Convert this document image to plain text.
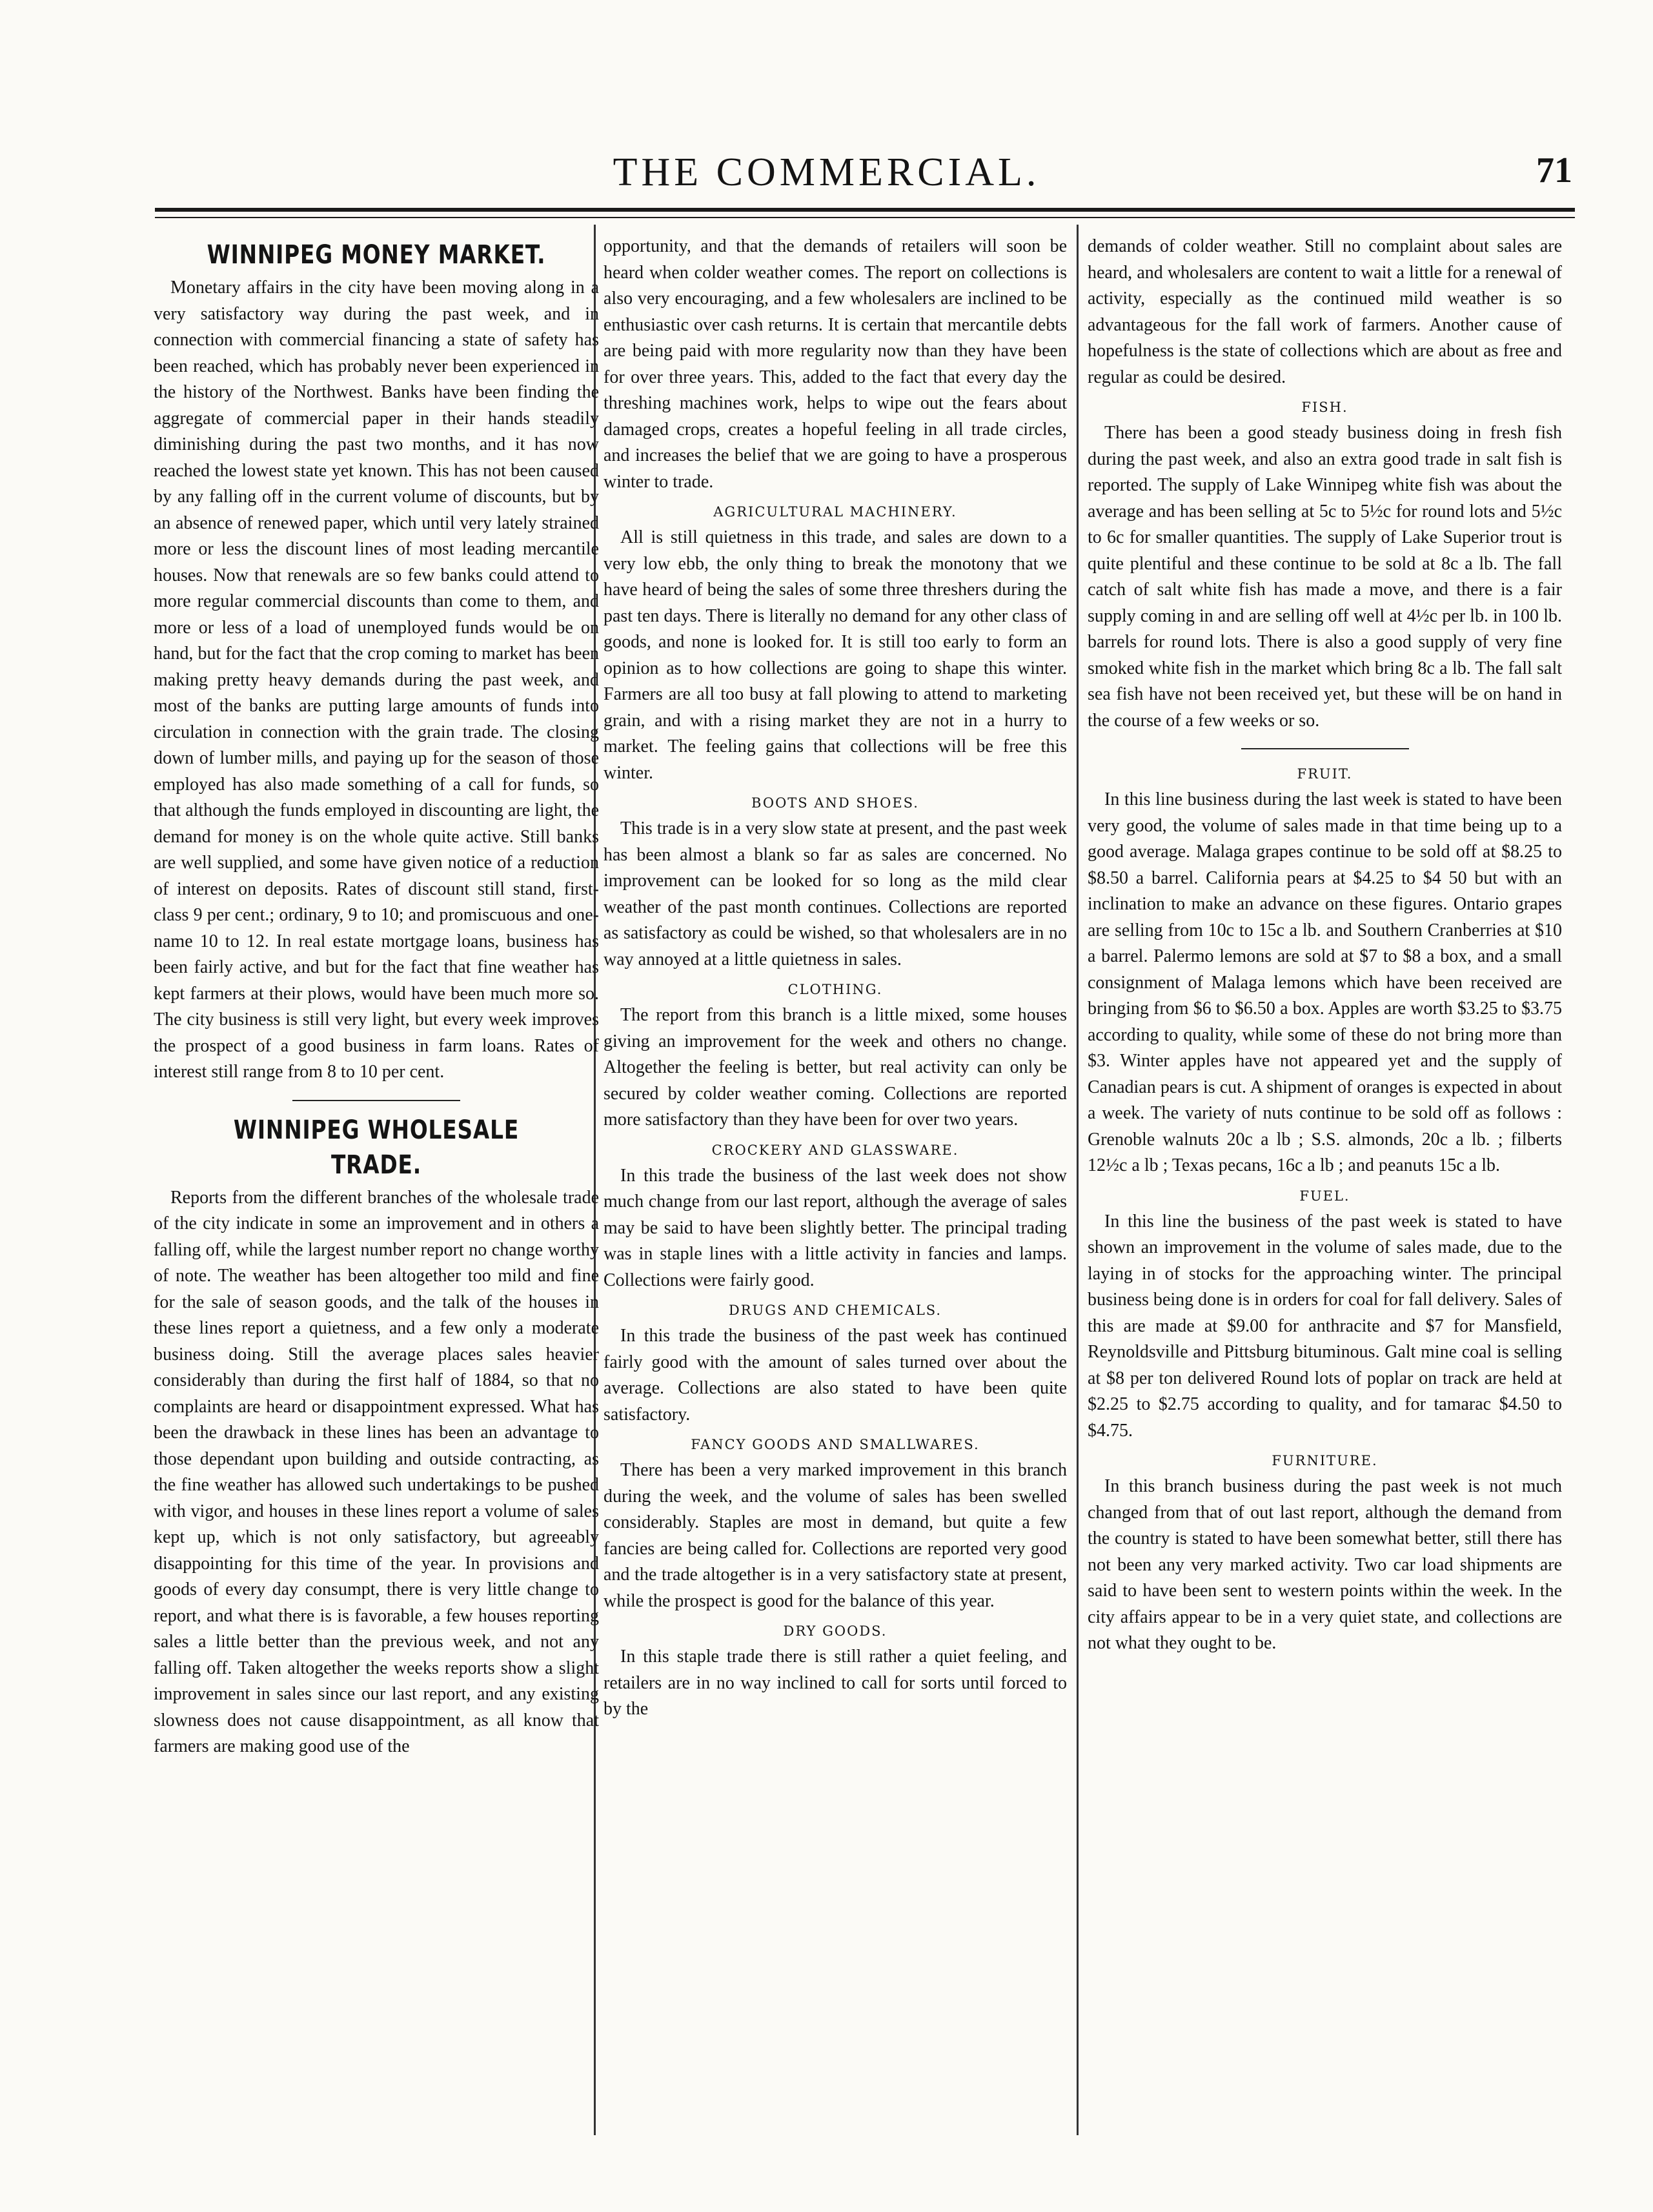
THE COMMERCIAL.	71
WINNIPEG MONEY MARKET.

Monetary affairs in the city have been moving along in a very satisfactory way during the past week, and in connection with commercial financing a state of safety has been reached, which has probably never been experienced in the history of the Northwest. Banks have been finding the aggregate of commercial paper in their hands steadily diminishing during the past two months, and it has now reached the lowest state yet known. This has not been caused by any falling off in the current volume of discounts, but by an absence of renewed paper, which until very lately strained more or less the discount lines of most leading mercantile houses. Now that renewals are so few banks could attend to more regular commercial discounts than come to them, and more or less of a load of unemployed funds would be on hand, but for the fact that the crop coming to market has been making pretty heavy demands during the past week, and most of the banks are putting large amounts of funds into circulation in connection with the grain trade. The closing down of lumber mills, and paying up for the season of those employed has also made something of a call for funds, so that although the funds employed in discounting are light, the demand for money is on the whole quite active. Still banks are well supplied, and some have given notice of a reduction of interest on deposits. Rates of discount still stand, first-class 9 per cent.; ordinary, 9 to 10; and promiscuous and one-name 10 to 12. In real estate mortgage loans, business has been fairly active, and but for the fact that fine weather has kept farmers at their plows, would have been much more so. The city business is still very light, but every week improves the prospect of a good business in farm loans. Rates of interest still range from 8 to 10 per cent.

WINNIPEG WHOLESALE TRADE.

Reports from the different branches of the wholesale trade of the city indicate in some an improvement and in others a falling off, while the largest number report no change worthy of note. The weather has been altogether too mild and fine for the sale of season goods, and the talk of the houses in these lines report a quietness, and a few only a moderate business doing. Still the average places sales heavier considerably than during the first half of 1884, so that no complaints are heard or disappointment expressed. What has been the drawback in these lines has been an advantage to those dependant upon building and outside contracting, as the fine weather has allowed such undertakings to be pushed with vigor, and houses in these lines report a volume of sales kept up, which is not only satisfactory, but agreeably disappointing for this time of the year. In provisions and goods of every day consumpt, there is very little change to report, and what there is is favorable, a few houses reporting sales a little better than the previous week, and not any falling off. Taken altogether the weeks reports show a slight improvement in sales since our last report, and any existing slowness does not cause disappointment, as all know that farmers are making good use of the

opportunity, and that the demands of retailers will soon be heard when colder weather comes. The report on collections is also very encouraging, and a few wholesalers are inclined to be enthusiastic over cash returns. It is certain that mercantile debts are being paid with more regularity now than they have been for over three years. This, added to the fact that every day the threshing machines work, helps to wipe out the fears about damaged crops, creates a hopeful feeling in all trade circles, and increases the belief that we are going to have a prosperous winter to trade.

AGRICULTURAL MACHINERY.

All is still quietness in this trade, and sales are down to a very low ebb, the only thing to break the monotony that we have heard of being the sales of some three threshers during the past ten days. There is literally no demand for any other class of goods, and none is looked for. It is still too early to form an opinion as to how collections are going to shape this winter. Farmers are all too busy at fall plowing to attend to marketing grain, and with a rising market they are not in a hurry to market. The feeling gains that collections will be free this winter.

BOOTS AND SHOES.

This trade is in a very slow state at present, and the past week has been almost a blank so far as sales are concerned. No improvement can be looked for so long as the mild clear weather of the past month continues. Collections are reported as satisfactory as could be wished, so that wholesalers are in no way annoyed at a little quietness in sales.

CLOTHING.

The report from this branch is a little mixed, some houses giving an improvement for the week and others no change. Altogether the feeling is better, but real activity can only be secured by colder weather coming. Collections are reported more satisfactory than they have been for over two years.

CROCKERY AND GLASSWARE.

In this trade the business of the last week does not show much change from our last report, although the average of sales may be said to have been slightly better. The principal trading was in staple lines with a little activity in fancies and lamps. Collections were fairly good.

DRUGS AND CHEMICALS.

In this trade the business of the past week has continued fairly good with the amount of sales turned over about the average. Collections are also stated to have been quite satisfactory.

FANCY GOODS AND SMALLWARES.

There has been a very marked improvement in this branch during the week, and the volume of sales has been swelled considerably. Staples are most in demand, but quite a few fancies are being called for. Collections are reported very good and the trade altogether is in a very satisfactory state at present, while the prospect is good for the balance of this year.

DRY GOODS.

In this staple trade there is still rather a quiet feeling, and retailers are in no way inclined to call for sorts until forced to by the

demands of colder weather. Still no complaint about sales are heard, and wholesalers are content to wait a little for a renewal of activity, especially as the continued mild weather is so advantageous for the fall work of farmers. Another cause of hopefulness is the state of collections which are about as free and regular as could be desired.

FISH.

There has been a good steady business doing in fresh fish during the past week, and also an extra good trade in salt fish is reported. The supply of Lake Winnipeg white fish was about the average and has been selling at 5c to 5½c for round lots and 5½c to 6c for smaller quantities. The supply of Lake Superior trout is quite plentiful and these continue to be sold at 8c a lb. The fall catch of salt white fish has made a move, and there is a fair supply coming in and are selling off well at 4½c per lb. in 100 lb. barrels for round lots. There is also a good supply of very fine smoked white fish in the market which bring 8c a lb. The fall salt sea fish have not been received yet, but these will be on hand in the course of a few weeks or so.

FRUIT.

In this line business during the last week is stated to have been very good, the volume of sales made in that time being up to a good average. Malaga grapes continue to be sold off at $8.25 to $8.50 a barrel. California pears at $4.25 to $4 50 but with an inclination to make an advance on these figures. Ontario grapes are selling from 10c to 15c a lb. and Southern Cranberries at $10 a barrel. Palermo lemons are sold at $7 to $8 a box, and a small consignment of Malaga lemons which have been received are bringing from $6 to $6.50 a box. Apples are worth $3.25 to $3.75 according to quality, while some of these do not bring more than $3. Winter apples have not appeared yet and the supply of Canadian pears is cut. A shipment of oranges is expected in about a week. The variety of nuts continue to be sold off as follows : Grenoble walnuts 20c a lb ; S.S. almonds, 20c a lb. ; filberts 12½c a lb ; Texas pecans, 16c a lb ; and peanuts 15c a lb.

FUEL.

In this line the business of the past week is stated to have shown an improvement in the volume of sales made, due to the laying in of stocks for the approaching winter. The principal business being done is in orders for coal for fall delivery. Sales of this are made at $9.00 for anthracite and $7 for Mansfield, Reynoldsville and Pittsburg bituminous. Galt mine coal is selling at $8 per ton delivered Round lots of poplar on track are held at $2.25 to $2.75 according to quality, and for tamarac $4.50 to $4.75.

FURNITURE.

In this branch business during the past week is not much changed from that of out last report, although the demand from the country is stated to have been somewhat better, still there has not been any very marked activity. Two car load shipments are said to have been sent to western points within the week. In the city affairs appear to be in a very quiet state, and collections are not what they ought to be.
